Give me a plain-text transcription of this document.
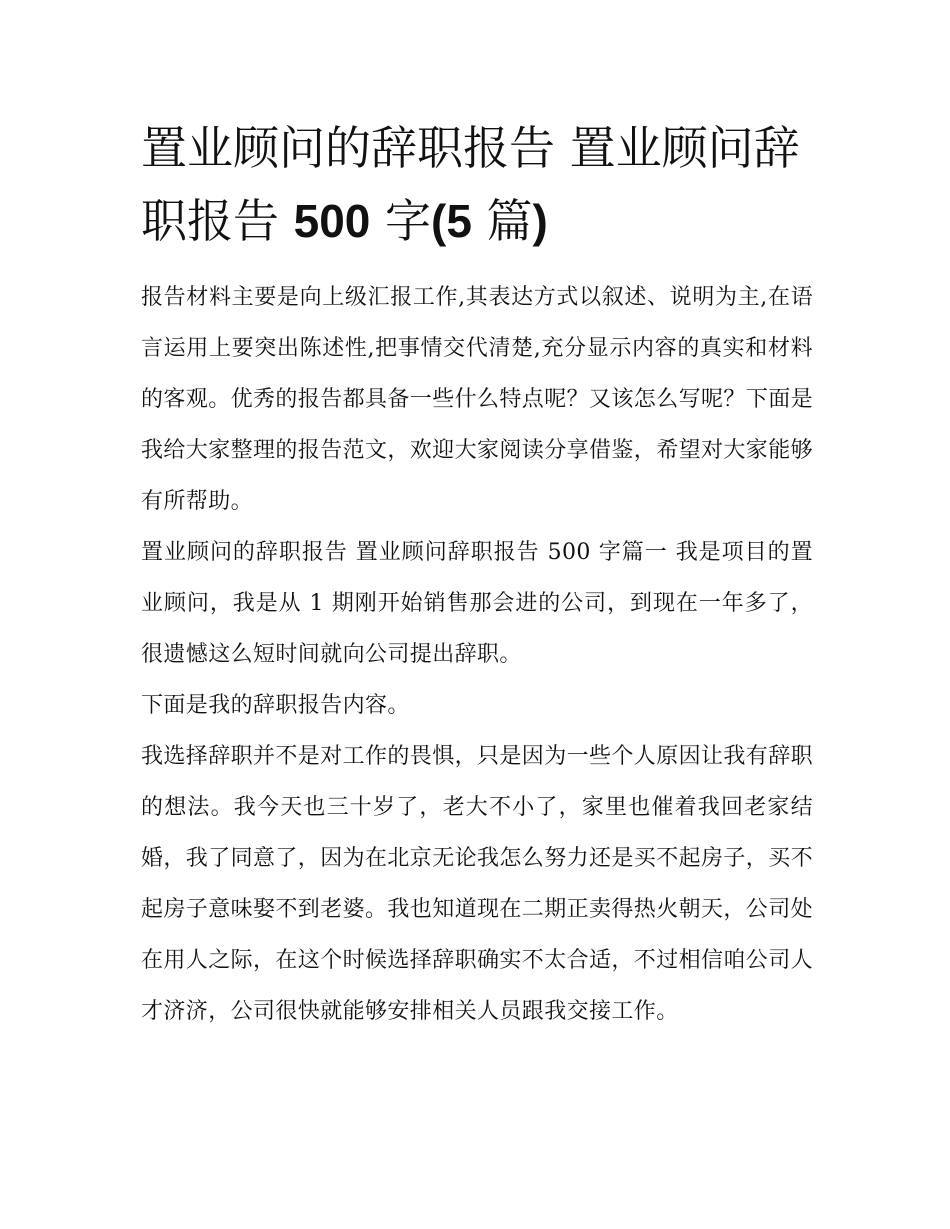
置业顾问的辞职报告 置业顾问辞职报告 500 字(5 篇)

报告材料主要是向上级汇报工作,其表达方式以叙述、说明为主,在语言运用上要突出陈述性,把事情交代清楚,充分显示内容的真实和材料的客观。优秀的报告都具备一些什么特点呢？又该怎么写呢？下面是我给大家整理的报告范文，欢迎大家阅读分享借鉴，希望对大家能够有所帮助。

置业顾问的辞职报告 置业顾问辞职报告 500 字篇一 我是项目的置业顾问，我是从 1 期刚开始销售那会进的公司，到现在一年多了，很遗憾这么短时间就向公司提出辞职。

下面是我的辞职报告内容。

我选择辞职并不是对工作的畏惧，只是因为一些个人原因让我有辞职的想法。我今天也三十岁了，老大不小了，家里也催着我回老家结婚，我了同意了，因为在北京无论我怎么努力还是买不起房子，买不起房子意味娶不到老婆。我也知道现在二期正卖得热火朝天，公司处在用人之际，在这个时候选择辞职确实不太合适，不过相信咱公司人才济济，公司很快就能够安排相关人员跟我交接工作。
